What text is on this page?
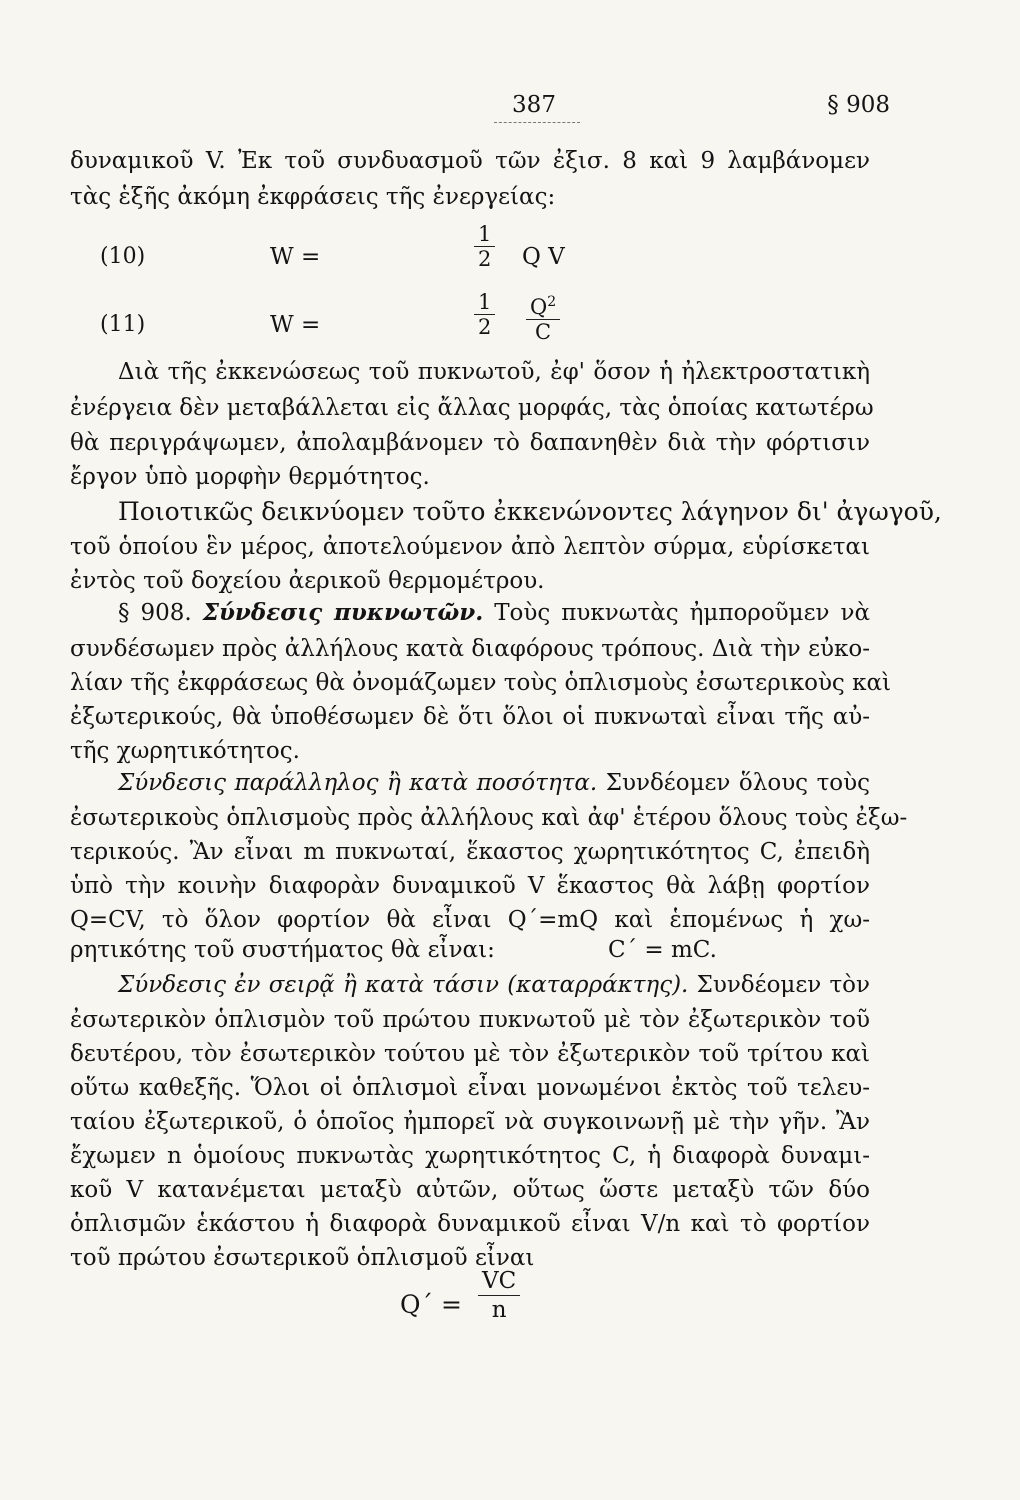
387	§ 908
δυναμικοῦ V. Ἐκ τοῦ συνδυασμοῦ τῶν ἐξισ. 8 καὶ 9 λαμβάνομεν
τὰς ἑξῆς ἀκόμη ἐκφράσεις τῆς ἐνεργείας:
(10)	W =	$\frac{1}{2}$ Q V
(11)	W =	$\frac{1}{2} \frac{Q^2}{C}$
Διὰ τῆς ἐκκενώσεως τοῦ πυκνωτοῦ, ἐφ' ὅσον ἡ ἠλεκτροστατικὴ
ἐνέργεια δὲν μεταβάλλεται εἰς ἄλλας μορφάς, τὰς ὁποίας κατωτέρω
θὰ περιγράψωμεν, ἀπολαμβάνομεν τὸ δαπανηθὲν διὰ τὴν φόρτισιν
ἔργον ὑπὸ μορφὴν θερμότητος.
Ποιοτικῶς δεικνύομεν τοῦτο ἐκκενώνοντες λάγηνον δι' ἀγωγοῦ,
τοῦ ὁποίου ἓν μέρος, ἀποτελούμενον ἀπὸ λεπτὸν σύρμα, εὑρίσκεται
ἐντὸς τοῦ δοχείου ἀερικοῦ θερμομέτρου.
§ 908. Σύνδεσις πυκνωτῶν. Τοὺς πυκνωτὰς ἠμποροῦμεν νὰ
συνδέσωμεν πρὸς ἀλλήλους κατὰ διαφόρους τρόπους. Διὰ τὴν εὐκο-
λίαν τῆς ἐκφράσεως θὰ ὀνομάζωμεν τοὺς ὁπλισμοὺς ἐσωτερικοὺς καὶ
ἐξωτερικούς, θὰ ὑποθέσωμεν δὲ ὅτι ὅλοι οἱ πυκνωταὶ εἶναι τῆς αὐ-
τῆς χωρητικότητος.
Σύνδεσις παράλληλος ἢ κατὰ ποσότητα. Συνδέομεν ὅλους τοὺς
ἐσωτερικοὺς ὁπλισμοὺς πρὸς ἀλλήλους καὶ ἀφ' ἑτέρου ὅλους τοὺς ἐξω-
τερικούς. Ἂν εἶναι m πυκνωταί, ἕκαστος χωρητικότητος C, ἐπειδὴ
ὑπὸ τὴν κοινὴν διαφορὰν δυναμικοῦ V ἕκαστος θὰ λάβῃ φορτίον
Q=CV, τὸ ὅλον φορτίον θὰ εἶναι Q΄=mQ καὶ ἑπομένως ἡ χω-
ρητικότης τοῦ συστήματος θὰ εἶναι:	C΄ = mC.
Σύνδεσις ἐν σειρᾷ ἢ κατὰ τάσιν (καταρράκτης). Συνδέομεν τὸν
ἐσωτερικὸν ὁπλισμὸν τοῦ πρώτου πυκνωτοῦ μὲ τὸν ἐξωτερικὸν τοῦ
δευτέρου, τὸν ἐσωτερικὸν τούτου μὲ τὸν ἐξωτερικὸν τοῦ τρίτου καὶ
οὕτω καθεξῆς. Ὅλοι οἱ ὁπλισμοὶ εἶναι μονωμένοι ἐκτὸς τοῦ τελευ-
ταίου ἐξωτερικοῦ, ὁ ὁποῖος ἠμπορεῖ νὰ συγκοινωνῇ μὲ τὴν γῆν. Ἂν
ἔχωμεν n ὁμοίους πυκνωτὰς χωρητικότητος C, ἡ διαφορὰ δυναμι-
κοῦ V κατανέμεται μεταξὺ αὐτῶν, οὕτως ὥστε μεταξὺ τῶν δύο
ὁπλισμῶν ἑκάστου ἡ διαφορὰ δυναμικοῦ εἶναι V/n καὶ τὸ φορτίον
τοῦ πρώτου ἐσωτερικοῦ ὁπλισμοῦ εἶναι
$Q΄ = \frac{VC}{n}$
